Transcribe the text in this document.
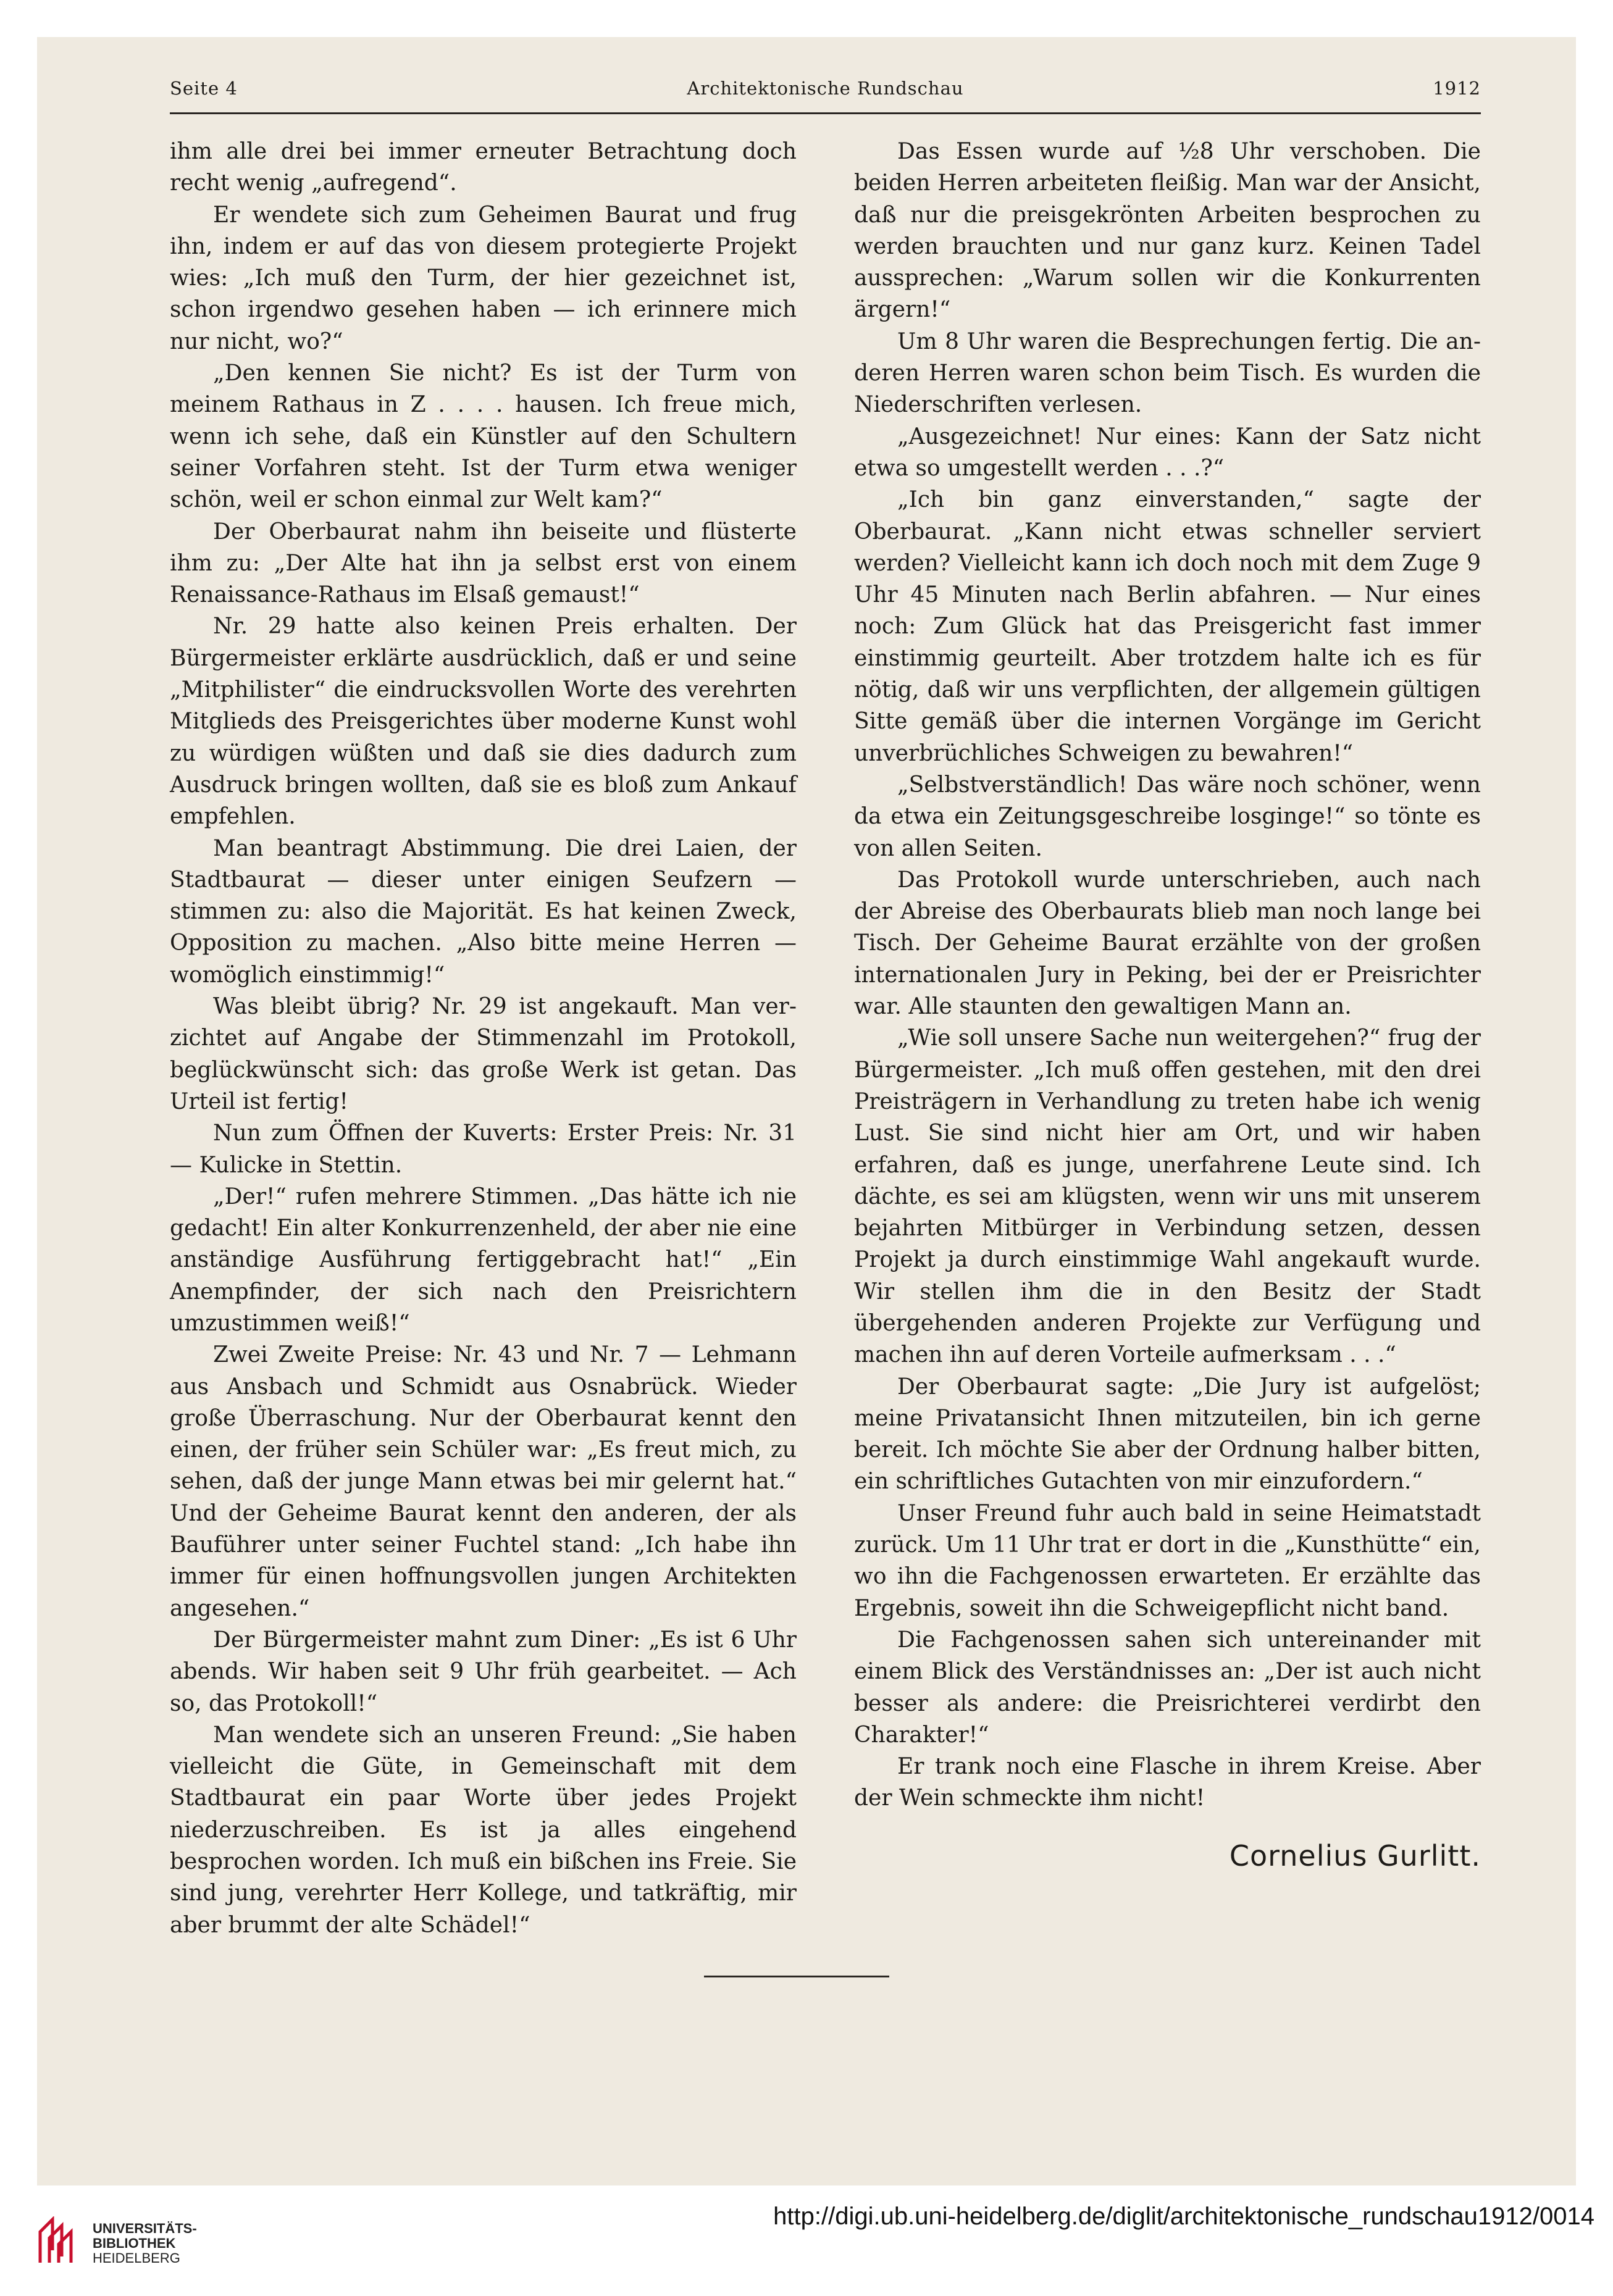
Seite 4	Architektonische Rundschau	1912

ihm alle drei bei immer erneuter Betrachtung doch recht wenig „aufregend“.

Er wendete sich zum Geheimen Baurat und frug ihn, indem er auf das von diesem protegierte Projekt wies: „Ich muß den Turm, der hier gezeichnet ist, schon irgendwo gesehen haben — ich erinnere mich nur nicht, wo?“

„Den kennen Sie nicht? Es ist der Turm von meinem Rathaus in Z . . . . hausen. Ich freue mich, wenn ich sehe, daß ein Künstler auf den Schultern seiner Vorfahren steht. Ist der Turm etwa weniger schön, weil er schon einmal zur Welt kam?“

Der Oberbaurat nahm ihn beiseite und flüsterte ihm zu: „Der Alte hat ihn ja selbst erst von einem Renaissance-Rathaus im Elsaß gemaust!“

Nr. 29 hatte also keinen Preis erhalten. Der Bürgermeister erklärte ausdrücklich, daß er und seine „Mitphilister“ die eindrucksvollen Worte des verehrten Mitglieds des Preisgerichtes über moderne Kunst wohl zu würdigen wüßten und daß sie dies dadurch zum Ausdruck bringen wollten, daß sie es bloß zum Ankauf empfehlen.

Man beantragt Abstimmung. Die drei Laien, der Stadtbaurat — dieser unter einigen Seufzern — stimmen zu: also die Majorität. Es hat keinen Zweck, Opposition zu machen. „Also bitte meine Herren — womöglich einstimmig!“

Was bleibt übrig? Nr. 29 ist angekauft. Man verzichtet auf Angabe der Stimmenzahl im Protokoll, beglückwünscht sich: das große Werk ist getan. Das Urteil ist fertig!

Nun zum Öffnen der Kuverts: Erster Preis: Nr. 31 — Kulicke in Stettin.

„Der!“ rufen mehrere Stimmen. „Das hätte ich nie gedacht! Ein alter Konkurrenzenheld, der aber nie eine anständige Ausführung fertiggebracht hat!“ „Ein Anempfinder, der sich nach den Preisrichtern umzustimmen weiß!“

Zwei Zweite Preise: Nr. 43 und Nr. 7 — Lehmann aus Ansbach und Schmidt aus Osnabrück. Wieder große Überraschung. Nur der Oberbaurat kennt den einen, der früher sein Schüler war: „Es freut mich, zu sehen, daß der junge Mann etwas bei mir gelernt hat.“ Und der Geheime Baurat kennt den anderen, der als Bauführer unter seiner Fuchtel stand: „Ich habe ihn immer für einen hoffnungsvollen jungen Architekten angesehen.“

Der Bürgermeister mahnt zum Diner: „Es ist 6 Uhr abends. Wir haben seit 9 Uhr früh gearbeitet. — Ach so, das Protokoll!“

Man wendete sich an unseren Freund: „Sie haben vielleicht die Güte, in Gemeinschaft mit dem Stadtbaurat ein paar Worte über jedes Projekt niederzuschreiben. Es ist ja alles eingehend besprochen worden. Ich muß ein bißchen ins Freie. Sie sind jung, verehrter Herr Kollege, und tatkräftig, mir aber brummt der alte Schädel!“

Das Essen wurde auf ½8 Uhr verschoben. Die beiden Herren arbeiteten fleißig. Man war der Ansicht, daß nur die preisgekrönten Arbeiten besprochen zu werden brauchten und nur ganz kurz. Keinen Tadel aussprechen: „Warum sollen wir die Konkurrenten ärgern!“

Um 8 Uhr waren die Besprechungen fertig. Die anderen Herren waren schon beim Tisch. Es wurden die Niederschriften verlesen.

„Ausgezeichnet! Nur eines: Kann der Satz nicht etwa so umgestellt werden . . .?“

„Ich bin ganz einverstanden,“ sagte der Oberbaurat. „Kann nicht etwas schneller serviert werden? Vielleicht kann ich doch noch mit dem Zuge 9 Uhr 45 Minuten nach Berlin abfahren. — Nur eines noch: Zum Glück hat das Preisgericht fast immer einstimmig geurteilt. Aber trotzdem halte ich es für nötig, daß wir uns verpflichten, der allgemein gültigen Sitte gemäß über die internen Vorgänge im Gericht unverbrüchliches Schweigen zu bewahren!“

„Selbstverständlich! Das wäre noch schöner, wenn da etwa ein Zeitungsgeschreibe losginge!“ so tönte es von allen Seiten.

Das Protokoll wurde unterschrieben, auch nach der Abreise des Oberbaurats blieb man noch lange bei Tisch. Der Geheime Baurat erzählte von der großen internationalen Jury in Peking, bei der er Preisrichter war. Alle staunten den gewaltigen Mann an.

„Wie soll unsere Sache nun weitergehen?“ frug der Bürgermeister. „Ich muß offen gestehen, mit den drei Preisträgern in Verhandlung zu treten habe ich wenig Lust. Sie sind nicht hier am Ort, und wir haben erfahren, daß es junge, unerfahrene Leute sind. Ich dächte, es sei am klügsten, wenn wir uns mit unserem bejahrten Mitbürger in Verbindung setzen, dessen Projekt ja durch einstimmige Wahl angekauft wurde. Wir stellen ihm die in den Besitz der Stadt übergehenden anderen Projekte zur Verfügung und machen ihn auf deren Vorteile aufmerksam . . .“

Der Oberbaurat sagte: „Die Jury ist aufgelöst; meine Privatansicht Ihnen mitzuteilen, bin ich gerne bereit. Ich möchte Sie aber der Ordnung halber bitten, ein schriftliches Gutachten von mir einzufordern.“

Unser Freund fuhr auch bald in seine Heimatstadt zurück. Um 11 Uhr trat er dort in die „Kunsthütte“ ein, wo ihn die Fachgenossen erwarteten. Er erzählte das Ergebnis, soweit ihn die Schweigepflicht nicht band.

Die Fachgenossen sahen sich untereinander mit einem Blick des Verständnisses an: „Der ist auch nicht besser als andere: die Preisrichterei verdirbt den Charakter!“

Er trank noch eine Flasche in ihrem Kreise. Aber der Wein schmeckte ihm nicht!

Cornelius Gurlitt.
UNIVERSITÄTS-
BIBLIOTHEK
HEIDELBERG
http://digi.ub.uni-heidelberg.de/diglit/architektonische_rundschau1912/0014
